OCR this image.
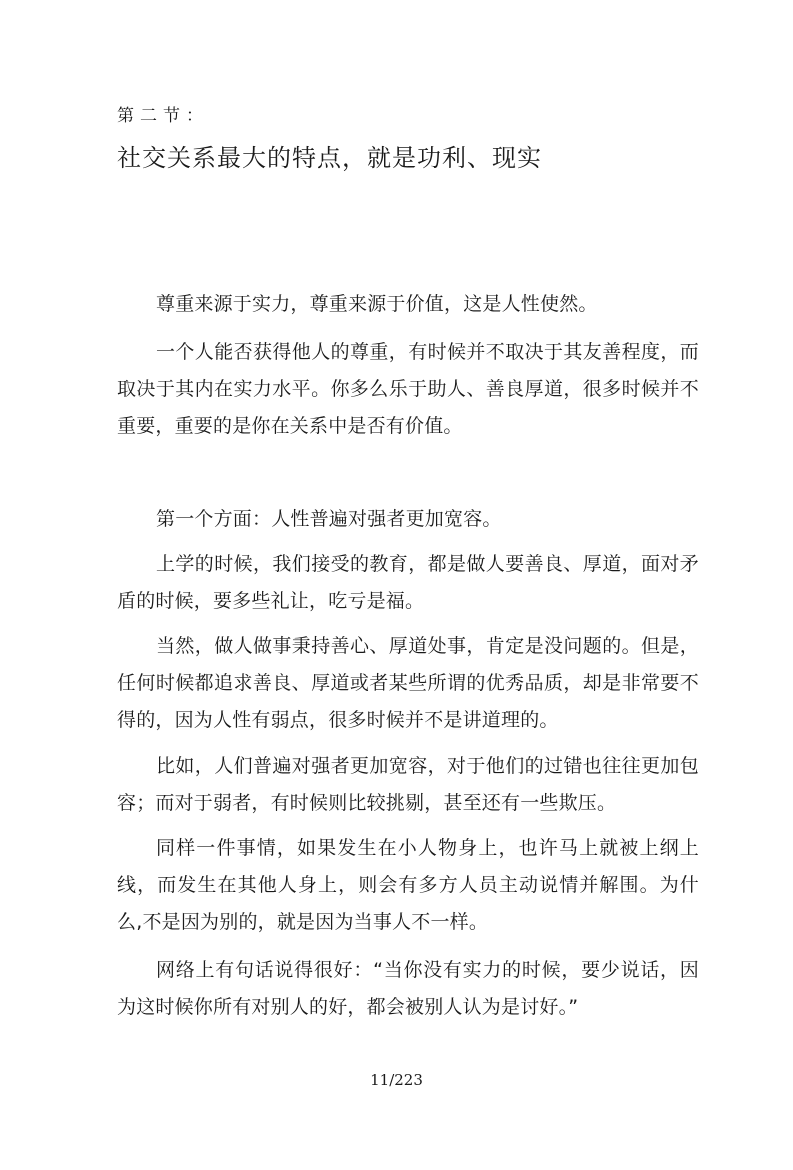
第二节：
社交关系最大的特点，就是功利、现实

尊重来源于实力，尊重来源于价值，这是人性使然。

一个人能否获得他人的尊重，有时候并不取决于其友善程度，而取决于其内在实力水平。你多么乐于助人、善良厚道，很多时候并不重要，重要的是你在关系中是否有价值。

第一个方面：人性普遍对强者更加宽容。

上学的时候，我们接受的教育，都是做人要善良、厚道，面对矛盾的时候，要多些礼让，吃亏是福。

当然，做人做事秉持善心、厚道处事，肯定是没问题的。但是，任何时候都追求善良、厚道或者某些所谓的优秀品质，却是非常要不得的，因为人性有弱点，很多时候并不是讲道理的。

比如，人们普遍对强者更加宽容，对于他们的过错也往往更加包容；而对于弱者，有时候则比较挑剔，甚至还有一些欺压。

同样一件事情，如果发生在小人物身上，也许马上就被上纲上线，而发生在其他人身上，则会有多方人员主动说情并解围。为什么,不是因为别的，就是因为当事人不一样。

网络上有句话说得很好：“当你没有实力的时候，要少说话，因为这时候你所有对别人的好，都会被别人认为是讨好。”

11/223
